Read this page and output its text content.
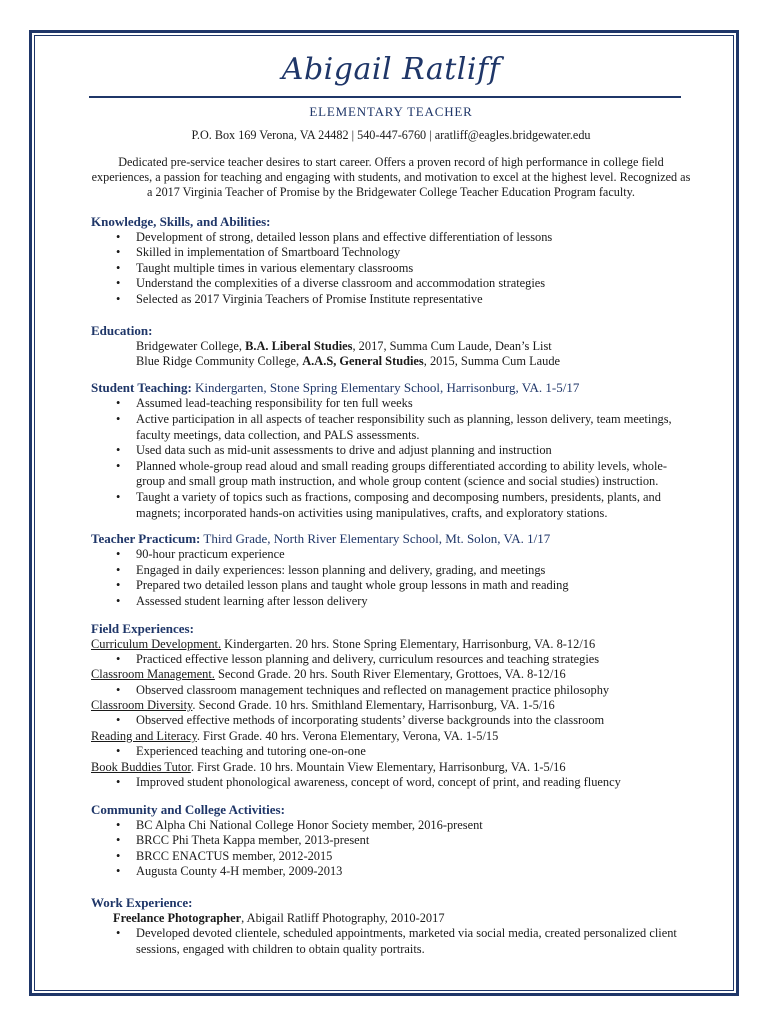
Abigail Ratliff
ELEMENTARY TEACHER
P.O. Box 169 Verona, VA 24482 | 540-447-6760 | aratliff@eagles.bridgewater.edu
Dedicated pre-service teacher desires to start career. Offers a proven record of high performance in college field experiences, a passion for teaching and engaging with students, and motivation to excel at the highest level. Recognized as a 2017 Virginia Teacher of Promise by the Bridgewater College Teacher Education Program faculty.
Knowledge, Skills, and Abilities:
• Development of strong, detailed lesson plans and effective differentiation of lessons
• Skilled in implementation of Smartboard Technology
• Taught multiple times in various elementary classrooms
• Understand the complexities of a diverse classroom and accommodation strategies
• Selected as 2017 Virginia Teachers of Promise Institute representative
Education:
Bridgewater College, B.A. Liberal Studies, 2017, Summa Cum Laude, Dean’s List
Blue Ridge Community College, A.A.S, General Studies, 2015, Summa Cum Laude
Student Teaching: Kindergarten, Stone Spring Elementary School, Harrisonburg, VA. 1-5/17
• Assumed lead-teaching responsibility for ten full weeks
• Active participation in all aspects of teacher responsibility such as planning, lesson delivery, team meetings, faculty meetings, data collection, and PALS assessments.
• Used data such as mid-unit assessments to drive and adjust planning and instruction
• Planned whole-group read aloud and small reading groups differentiated according to ability levels, whole-group and small group math instruction, and whole group content (science and social studies) instruction.
• Taught a variety of topics such as fractions, composing and decomposing numbers, presidents, plants, and magnets; incorporated hands-on activities using manipulatives, crafts, and exploratory stations.
Teacher Practicum: Third Grade, North River Elementary School, Mt. Solon, VA. 1/17
• 90-hour practicum experience
• Engaged in daily experiences: lesson planning and delivery, grading, and meetings
• Prepared two detailed lesson plans and taught whole group lessons in math and reading
• Assessed student learning after lesson delivery
Field Experiences:
Curriculum Development. Kindergarten. 20 hrs. Stone Spring Elementary, Harrisonburg, VA. 8-12/16
• Practiced effective lesson planning and delivery, curriculum resources and teaching strategies
Classroom Management. Second Grade. 20 hrs. South River Elementary, Grottoes, VA. 8-12/16
• Observed classroom management techniques and reflected on management practice philosophy
Classroom Diversity. Second Grade. 10 hrs. Smithland Elementary, Harrisonburg, VA. 1-5/16
• Observed effective methods of incorporating students’ diverse backgrounds into the classroom
Reading and Literacy. First Grade. 40 hrs. Verona Elementary, Verona, VA. 1-5/15
• Experienced teaching and tutoring one-on-one
Book Buddies Tutor. First Grade. 10 hrs. Mountain View Elementary, Harrisonburg, VA. 1-5/16
• Improved student phonological awareness, concept of word, concept of print, and reading fluency
Community and College Activities:
• BC Alpha Chi National College Honor Society member, 2016-present
• BRCC Phi Theta Kappa member, 2013-present
• BRCC ENACTUS member, 2012-2015
• Augusta County 4-H member, 2009-2013
Work Experience:
Freelance Photographer, Abigail Ratliff Photography, 2010-2017
• Developed devoted clientele, scheduled appointments, marketed via social media, created personalized client sessions, engaged with children to obtain quality portraits.
